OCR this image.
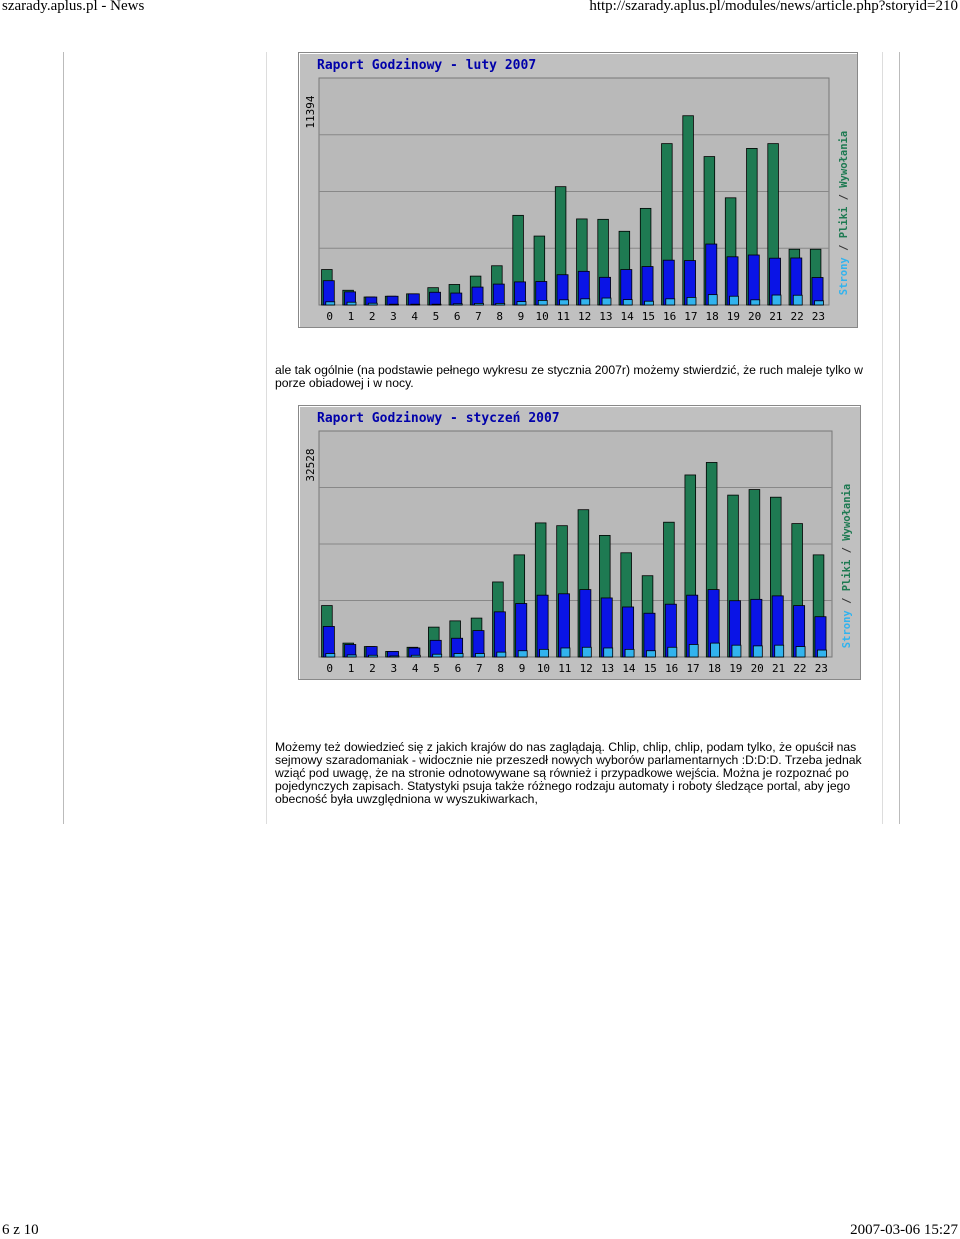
szarady.aplus.pl - News	http://szarady.aplus.pl/modules/news/article.php?storyid=210
Raport Godzinowy - luty 2007
11394
Strony / Pliki / Wywołania
0 1 2 3 4 5 6 7 8 9 10 11 12 13 14 15 16 17 18 19 20 21 22 23
ale tak ogólnie (na podstawie pełnego wykresu ze stycznia 2007r) możemy stwierdzić, że ruch maleje tylko w porze obiadowej i w nocy.
Raport Godzinowy - styczeń 2007
32528
Strony / Pliki / Wywołania
0 1 2 3 4 5 6 7 8 9 10 11 12 13 14 15 16 17 18 19 20 21 22 23
Możemy też dowiedzieć się z jakich krajów do nas zaglądają. Chlip, chlip, chlip, podam tylko, że opuścił nas sejmowy szaradomaniak - widocznie nie przeszedł nowych wyborów parlamentarnych :D:D:D. Trzeba jednak wziąć pod uwagę, że na stronie odnotowywane są również i przypadkowe wejścia. Można je rozpoznać po pojedynczych zapisach. Statystyki psuja także różnego rodzaju automaty i roboty śledzące portal, aby jego obecność była uwzględniona w wyszukiwarkach,
6 z 10	2007-03-06 15:27
